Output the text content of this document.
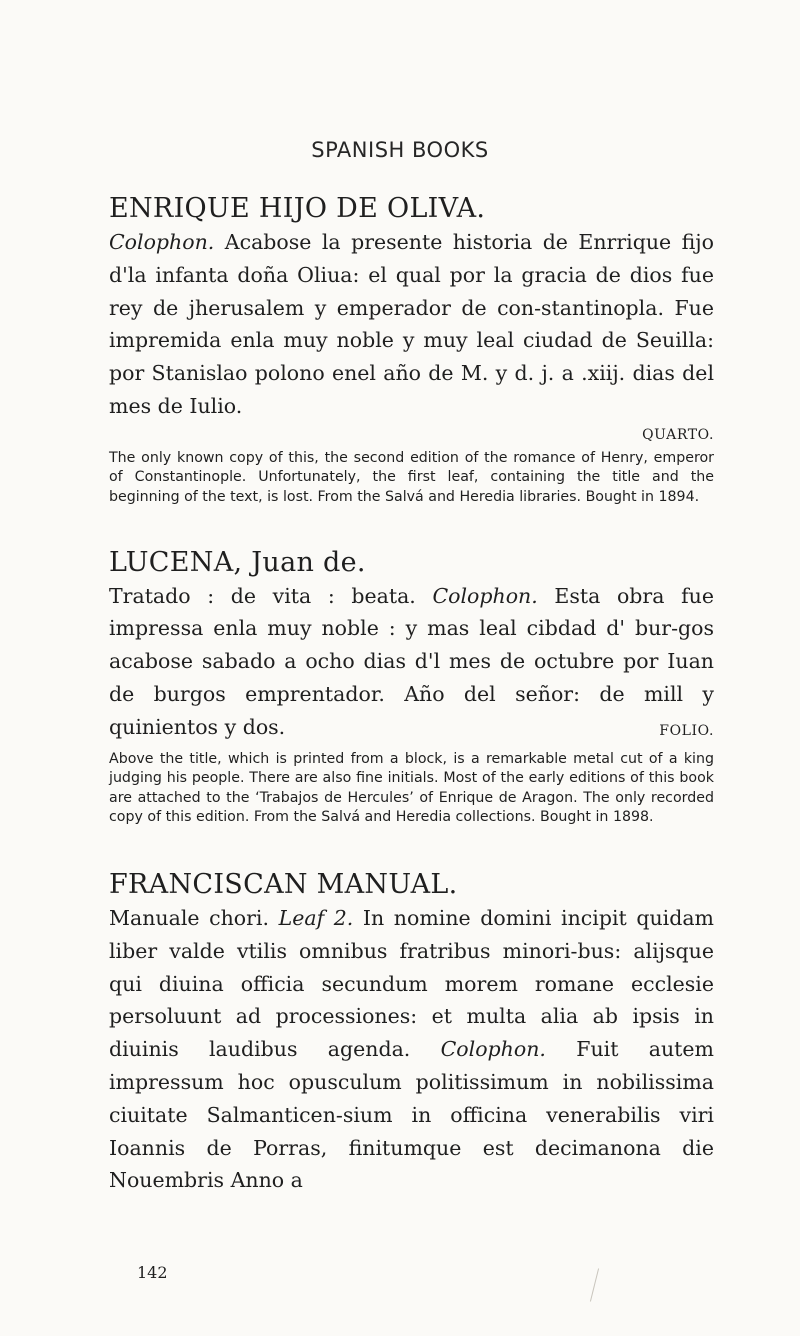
SPANISH BOOKS
ENRIQUE HIJO DE OLIVA.

Colophon. Acabose la presente historia de Enrrique fijo d'la infanta doña Oliua: el qual por la gracia de dios fue rey de jherusalem y emperador de con-stantinopla. Fue impremida enla muy noble y muy leal ciudad de Seuilla: por Stanislao polono enel año de M. y d. j. a .xiij. dias del mes de Iulio.

QUARTO.

The only known copy of this, the second edition of the romance of Henry, emperor of Constantinople. Unfortunately, the first leaf, containing the title and the beginning of the text, is lost. From the Salvá and Heredia libraries. Bought in 1894.

LUCENA, Juan de.

Tratado : de vita : beata. Colophon. Esta obra fue impressa enla muy noble : y mas leal cibdad d' bur-gos acabose sabado a ocho dias d'l mes de octubre por Iuan de burgos emprentador. Año del señor: de mill y quinientos y dos.	FOLIO.

Above the title, which is printed from a block, is a remarkable metal cut of a king judging his people. There are also fine initials. Most of the early editions of this book are attached to the ‘Trabajos de Hercules’ of Enrique de Aragon. The only recorded copy of this edition. From the Salvá and Heredia collections. Bought in 1898.

FRANCISCAN MANUAL.

Manuale chori. Leaf 2. In nomine domini incipit quidam liber valde vtilis omnibus fratribus minori-bus: alijsque qui diuina officia secundum morem romane ecclesie persoluunt ad processiones: et multa alia ab ipsis in diuinis laudibus agenda. Colophon. Fuit autem impressum hoc opusculum politissimum in nobilissima ciuitate Salmanticen-sium in officina venerabilis viri Ioannis de Porras, finitumque est decimanona die Nouembris Anno a

142
